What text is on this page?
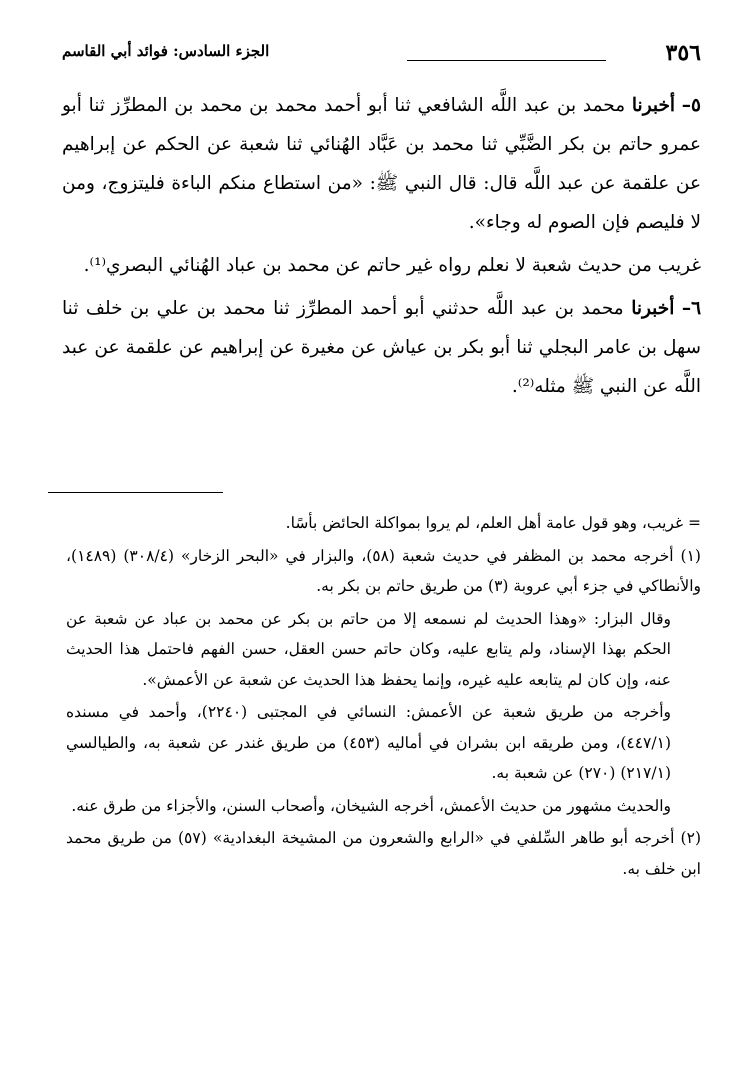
٣٥٦
الجزء السادس: فوائد أبي القاسم

٥– أخبرنا محمد بن عبد اللَّه الشافعي ثنا أبو أحمد محمد بن محمد بن المطرِّز ثنا أبو عمرو حاتم بن بكر الضَّبِّي ثنا محمد بن عَبَّاد الهُنائي ثنا شعبة عن الحكم عن إبراهيم عن علقمة عن عبد اللَّه قال: قال النبي ﷺ: «من استطاع منكم الباءة فليتزوج، ومن لا فليصم فإن الصوم له وجاء».

غريب من حديث شعبة لا نعلم رواه غير حاتم عن محمد بن عباد الهُنائي البصري⁽¹⁾.

٦– أخبرنا محمد بن عبد اللَّه حدثني أبو أحمد المطرِّز ثنا محمد بن علي بن خلف ثنا سهل بن عامر البجلي ثنا أبو بكر بن عياش عن مغيرة عن إبراهيم عن علقمة عن عبد اللَّه عن النبي ﷺ مثله⁽²⁾.

= غريب، وهو قول عامة أهل العلم، لم يروا بمواكلة الحائض بأسًا.

(١) أخرجه محمد بن المظفر في حديث شعبة (٥٨)، والبزار في «البحر الزخار» (٣٠٨/٤) (١٤٨٩)، والأنطاكي في جزء أبي عروبة (٣) من طريق حاتم بن بكر به.

وقال البزار: «وهذا الحديث لم نسمعه إلا من حاتم بن بكر عن محمد بن عباد عن شعبة عن الحكم بهذا الإسناد، ولم يتابع عليه، وكان حاتم حسن العقل، حسن الفهم فاحتمل هذا الحديث عنه، وإن كان لم يتابعه عليه غيره، وإنما يحفظ هذا الحديث عن شعبة عن الأعمش».

وأخرجه من طريق شعبة عن الأعمش: النسائي في المجتبى (٢٢٤٠)، وأحمد في مسنده (٤٤٧/١)، ومن طريقه ابن بشران في أماليه (٤٥٣) من طريق غندر عن شعبة به، والطيالسي (٢١٧/١) (٢٧٠) عن شعبة به.

والحديث مشهور من حديث الأعمش، أخرجه الشيخان، وأصحاب السنن، والأجزاء من طرق عنه.

(٢) أخرجه أبو طاهر السِّلفي في «الرابع والشعرون من المشيخة البغدادية» (٥٧) من طريق محمد ابن خلف به.
